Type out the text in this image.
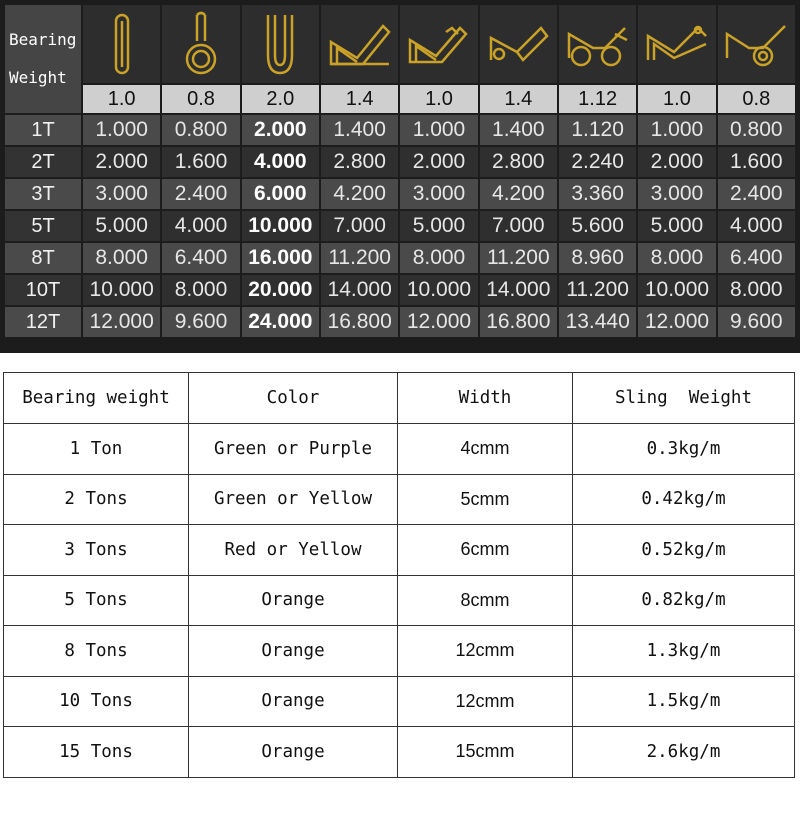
Bearing
Weight

	1.0	0.8	2.0	1.4	1.0	1.4	1.12	1.0	0.8
1T	1.000	0.800	2.000	1.400	1.000	1.400	1.120	1.000	0.800
2T	2.000	1.600	4.000	2.800	2.000	2.800	2.240	2.000	1.600
3T	3.000	2.400	6.000	4.200	3.000	4.200	3.360	3.000	2.400
5T	5.000	4.000	10.000	7.000	5.000	7.000	5.600	5.000	4.000
8T	8.000	6.400	16.000	11.200	8.000	11.200	8.960	8.000	6.400
10T	10.000	8.000	20.000	14.000	10.000	14.000	11.200	10.000	8.000
12T	12.000	9.600	24.000	16.800	12.000	16.800	13.440	12.000	9.600
Bearing weight	Color	Width	Sling  Weight
1 Ton	Green or Purple	4cmm	0.3kg/m
2 Tons	Green or Yellow	5cmm	0.42kg/m
3 Tons	Red or Yellow	6cmm	0.52kg/m
5 Tons	Orange	8cmm	0.82kg/m
8 Tons	Orange	12cmm	1.3kg/m
10 Tons	Orange	12cmm	1.5kg/m
15 Tons	Orange	15cmm	2.6kg/m
